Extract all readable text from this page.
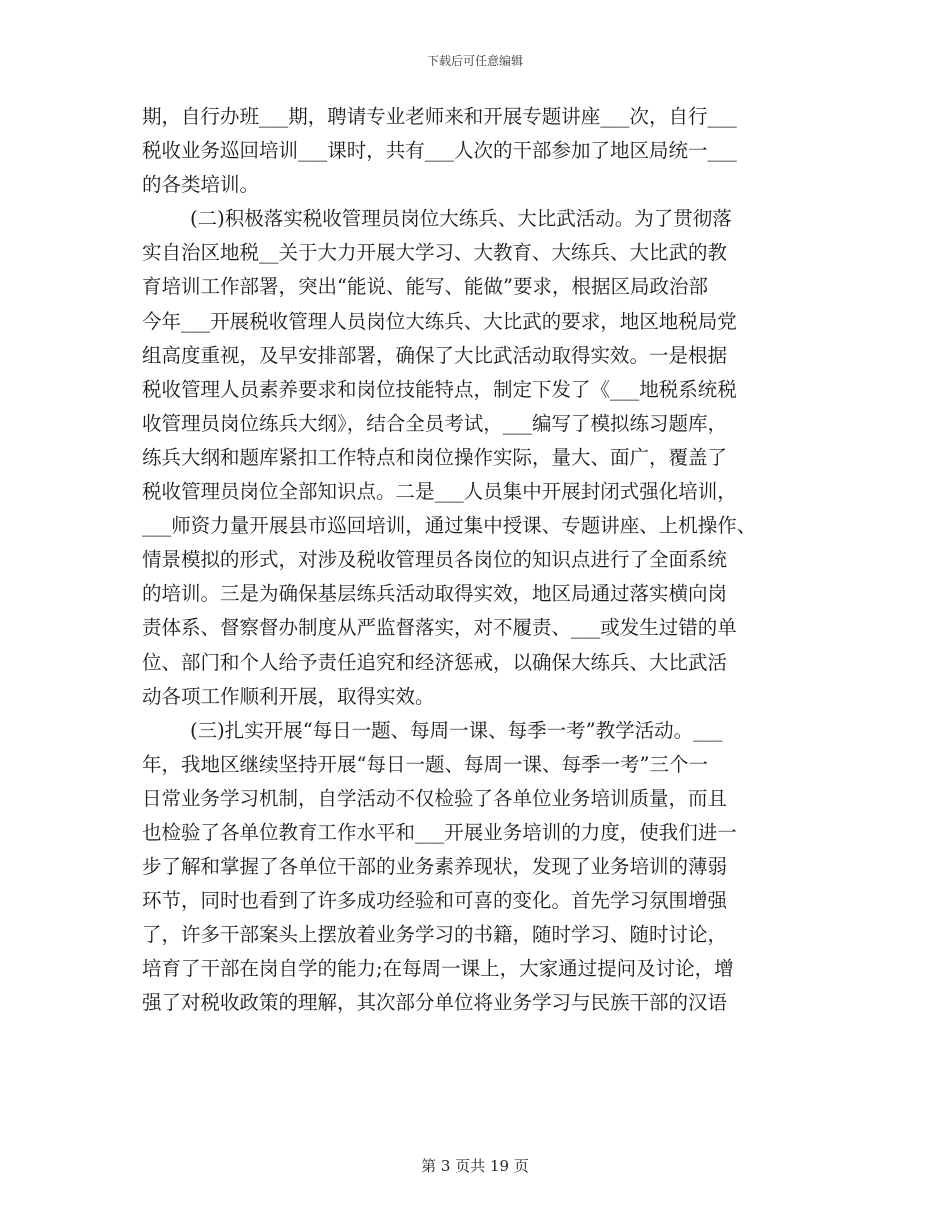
下载后可任意编辑
期，自行办班___期，聘请专业老师来和开展专题讲座___次，自行___
税收业务巡回培训___课时，共有___人次的干部参加了地区局统一___
的各类培训。
(二)积极落实税收管理员岗位大练兵、大比武活动。为了贯彻落
实自治区地税__关于大力开展大学习、大教育、大练兵、大比武的教
育培训工作部署，突出“能说、能写、能做”要求，根据区局政治部
今年___开展税收管理人员岗位大练兵、大比武的要求，地区地税局党
组高度重视，及早安排部署，确保了大比武活动取得实效。一是根据
税收管理人员素养要求和岗位技能特点，制定下发了《___地税系统税
收管理员岗位练兵大纲》，结合全员考试，___编写了模拟练习题库，
练兵大纲和题库紧扣工作特点和岗位操作实际，量大、面广，覆盖了
税收管理员岗位全部知识点。二是___人员集中开展封闭式强化培训，
___师资力量开展县市巡回培训，通过集中授课、专题讲座、上机操作、
情景模拟的形式，对涉及税收管理员各岗位的知识点进行了全面系统
的培训。三是为确保基层练兵活动取得实效，地区局通过落实横向岗
责体系、督察督办制度从严监督落实，对不履责、___或发生过错的单
位、部门和个人给予责任追究和经济惩戒，以确保大练兵、大比武活
动各项工作顺利开展，取得实效。
(三)扎实开展“每日一题、每周一课、每季一考”教学活动。___
年，我地区继续坚持开展“每日一题、每周一课、每季一考”三个一
日常业务学习机制，自学活动不仅检验了各单位业务培训质量，而且
也检验了各单位教育工作水平和___开展业务培训的力度，使我们进一
步了解和掌握了各单位干部的业务素养现状，发现了业务培训的薄弱
环节，同时也看到了许多成功经验和可喜的变化。首先学习氛围增强
了，许多干部案头上摆放着业务学习的书籍，随时学习、随时讨论，
培育了干部在岗自学的能力;在每周一课上，大家通过提问及讨论，增
强了对税收政策的理解，其次部分单位将业务学习与民族干部的汉语
第 3 页共 19 页
